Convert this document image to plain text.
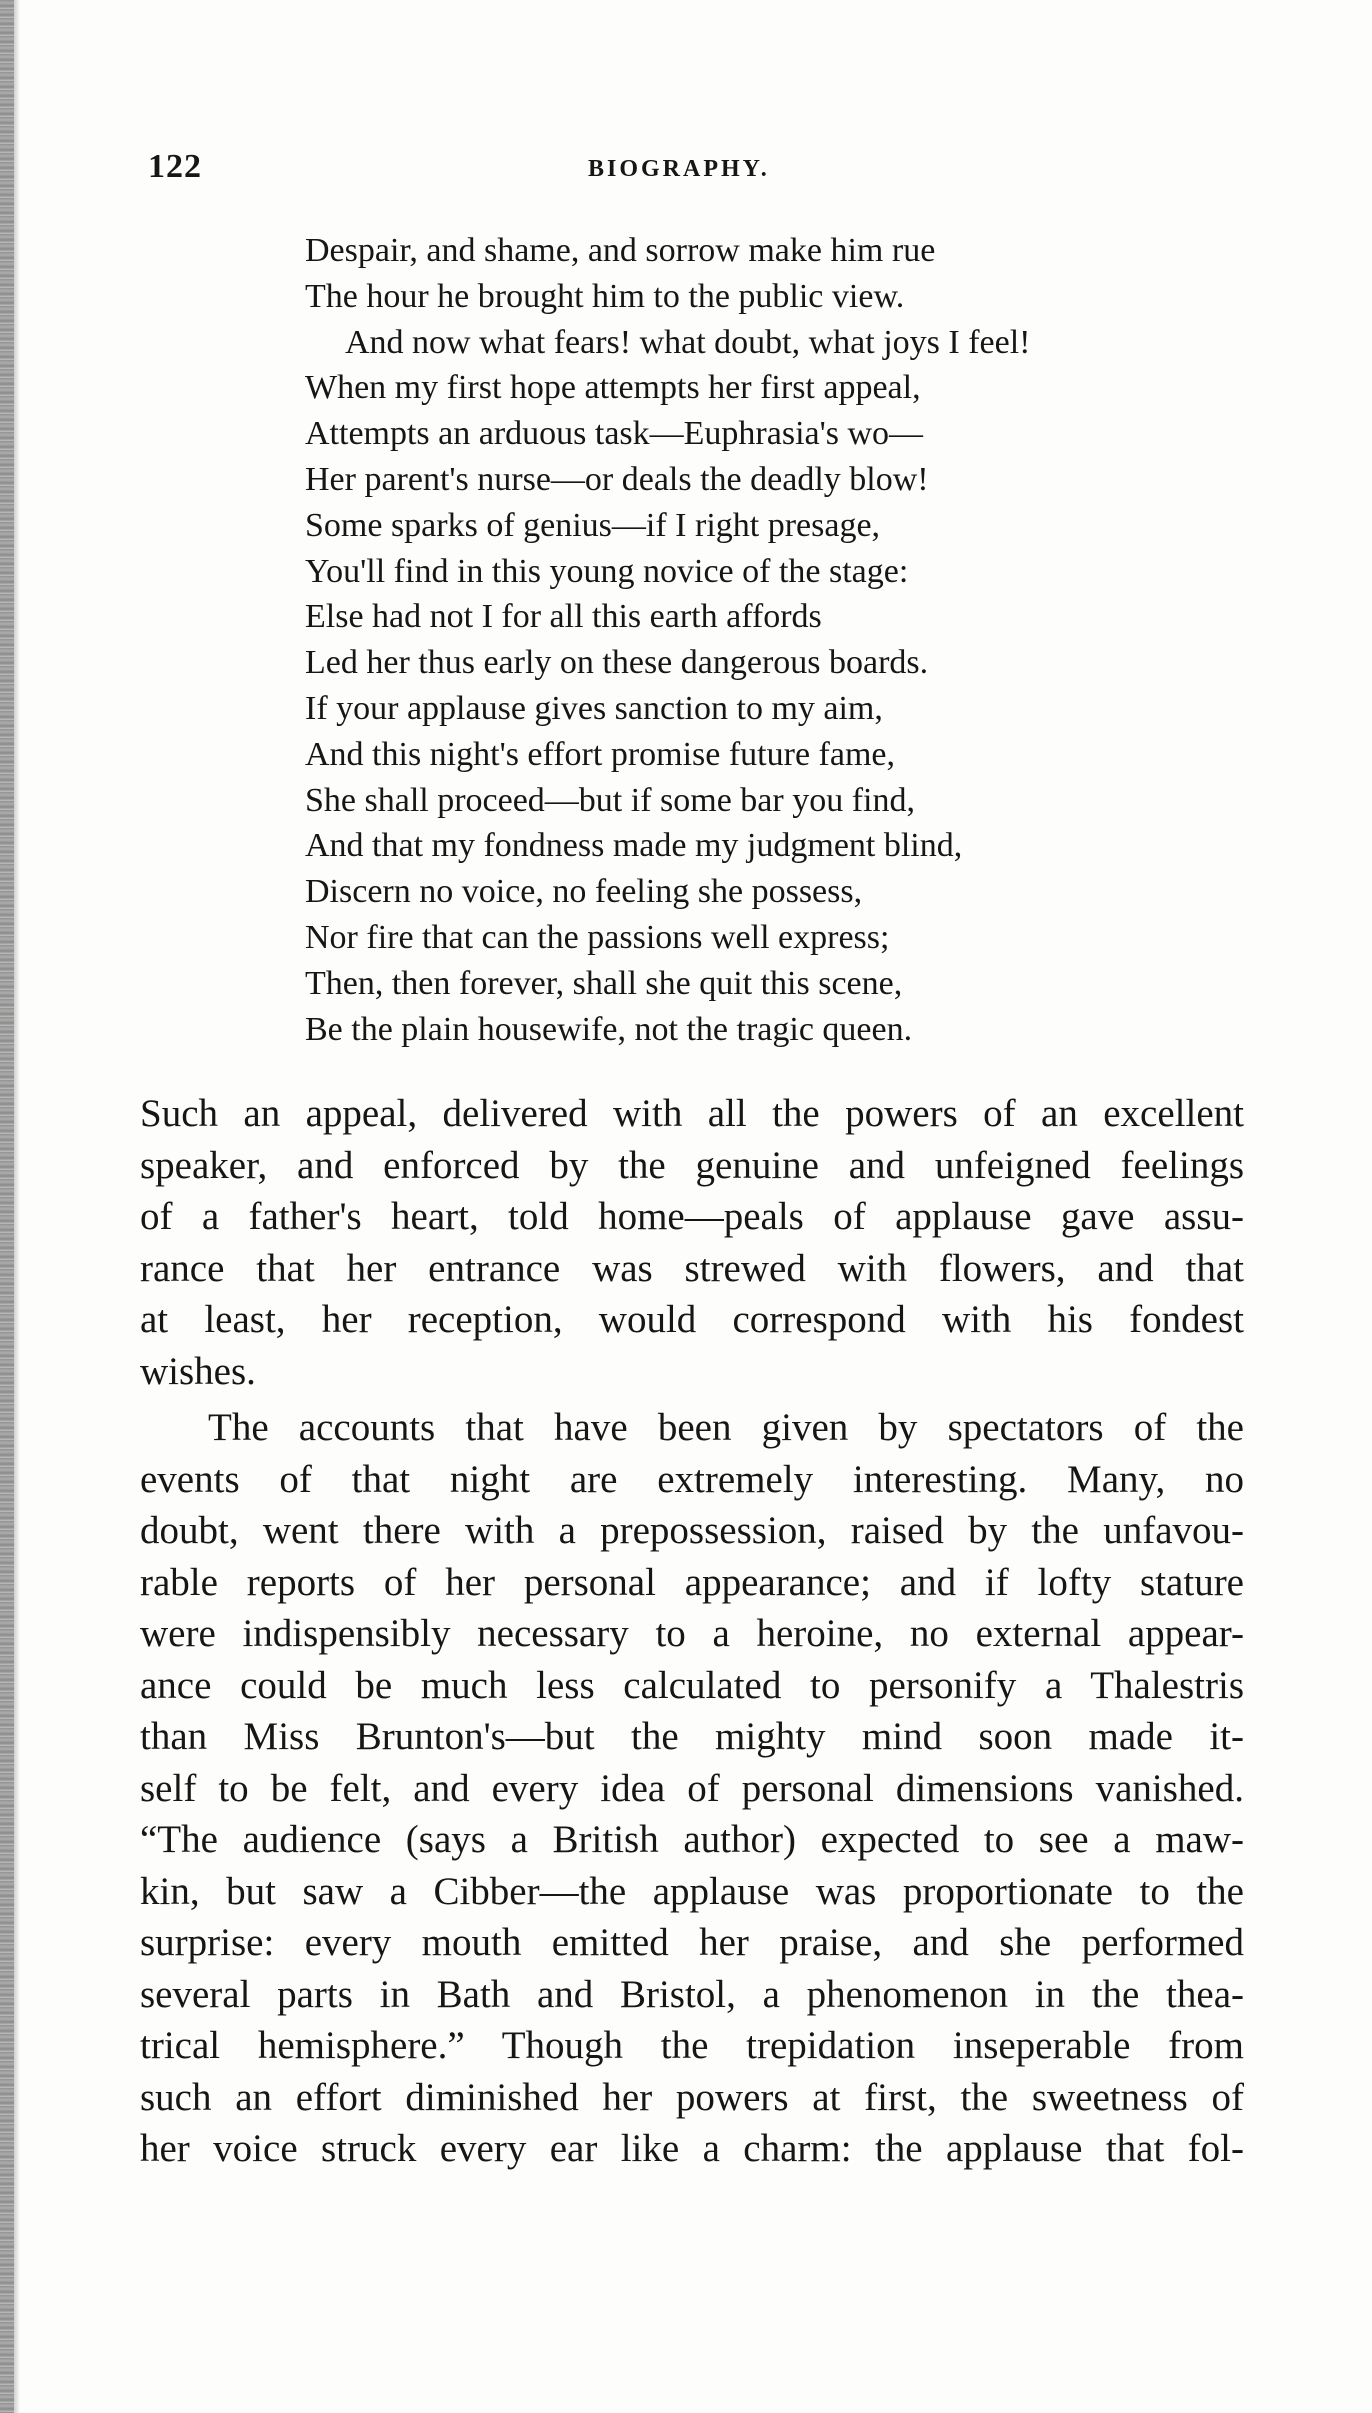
122	BIOGRAPHY.
Despair, and shame, and sorrow make him rue
The hour he brought him to the public view.
And now what fears! what doubt, what joys I feel!
When my first hope attempts her first appeal,
Attempts an arduous task—Euphrasia's wo—
Her parent's nurse—or deals the deadly blow!
Some sparks of genius—if I right presage,
You'll find in this young novice of the stage:
Else had not I for all this earth affords
Led her thus early on these dangerous boards.
If your applause gives sanction to my aim,
And this night's effort promise future fame,
She shall proceed—but if some bar you find,
And that my fondness made my judgment blind,
Discern no voice, no feeling she possess,
Nor fire that can the passions well express;
Then, then forever, shall she quit this scene,
Be the plain housewife, not the tragic queen.
Such an appeal, delivered with all the powers of an excellent
speaker, and enforced by the genuine and unfeigned feelings
of a father's heart, told home—peals of applause gave assu-
rance that her entrance was strewed with flowers, and that
at least, her reception, would correspond with his fondest
wishes.
The accounts that have been given by spectators of the
events of that night are extremely interesting. Many, no
doubt, went there with a prepossession, raised by the unfavou-
rable reports of her personal appearance; and if lofty stature
were indispensibly necessary to a heroine, no external appear-
ance could be much less calculated to personify a Thalestris
than Miss Brunton's—but the mighty mind soon made it-
self to be felt, and every idea of personal dimensions vanished.
“The audience (says a British author) expected to see a maw-
kin, but saw a Cibber—the applause was proportionate to the
surprise: every mouth emitted her praise, and she performed
several parts in Bath and Bristol, a phenomenon in the thea-
trical hemisphere.” Though the trepidation inseperable from
such an effort diminished her powers at first, the sweetness of
her voice struck every ear like a charm: the applause that fol-
